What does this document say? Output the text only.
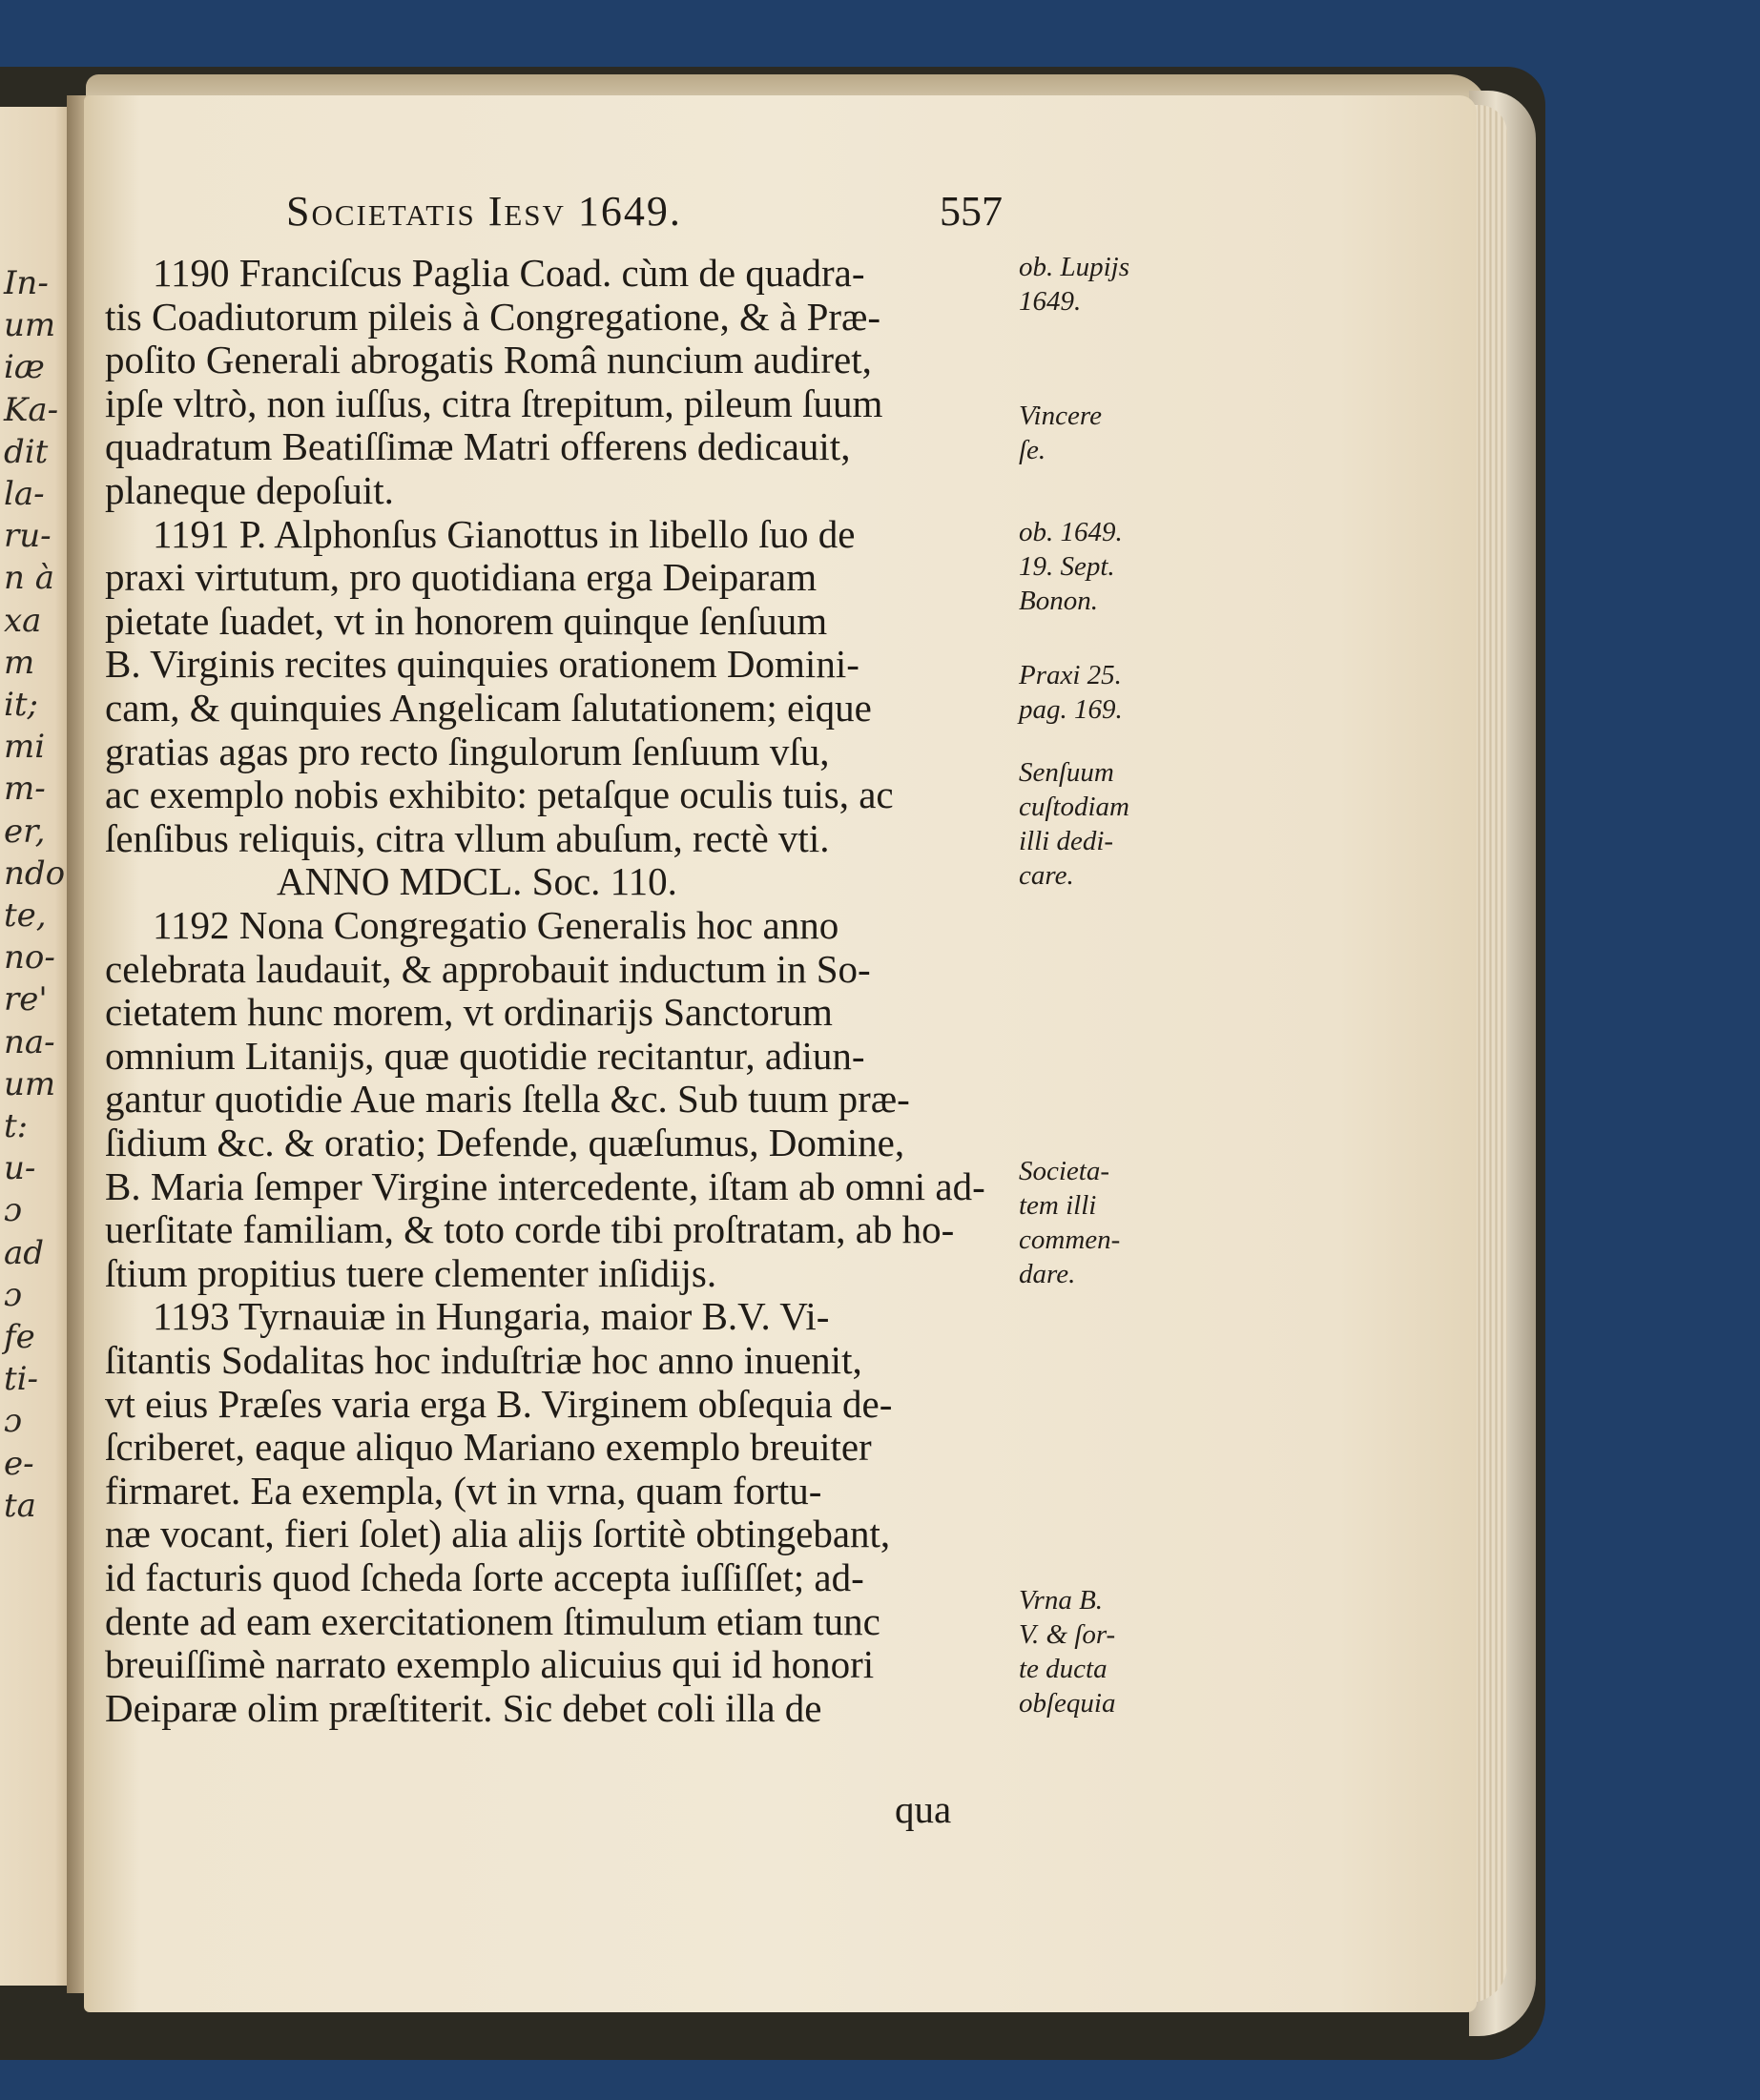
In-
um
iæ
Ka-
dit
la-
ru-
n à
xa
m
it;
mi
m-
er,
ndo
te,
no-
re'
na-
um
t:
u-
ɔ
ad
ɔ
fe
ti-
ɔ
e-
ta
Societatis Iesv 1649.	557
1190 Franciſcus Paglia Coad. cùm de quadra-
tis Coadiutorum pileis à Congregatione, & à Præ-
poſito Generali abrogatis Româ nuncium audiret,
ipſe vltrò, non iuſſus, citra ſtrepitum, pileum ſuum
quadratum Beatiſſimæ Matri offerens dedicauit,
planeque depoſuit.
1191 P. Alphonſus Gianottus in libello ſuo de
praxi virtutum, pro quotidiana erga Deiparam
pietate ſuadet, vt in honorem quinque ſenſuum
B. Virginis recites quinquies orationem Domini-
cam, & quinquies Angelicam ſalutationem; eique
gratias agas pro recto ſingulorum ſenſuum vſu,
ac exemplo nobis exhibito: petaſque oculis tuis, ac
ſenſibus reliquis, citra vllum abuſum, rectè vti.
ANNO MDCL. Soc. 110.
1192 Nona Congregatio Generalis hoc anno
celebrata laudauit, & approbauit inductum in So-
cietatem hunc morem, vt ordinarijs Sanctorum
omnium Litanijs, quæ quotidie recitantur, adiun-
gantur quotidie Aue maris ſtella &c. Sub tuum præ-
ſidium &c. & oratio; Defende, quæſumus, Domine,
B. Maria ſemper Virgine intercedente, iſtam ab omni ad-
uerſitate familiam, & toto corde tibi proſtratam, ab ho-
ſtium propitius tuere clementer inſidijs.
1193 Tyrnauiæ in Hungaria, maior B.V. Vi-
ſitantis Sodalitas hoc induſtriæ hoc anno inuenit,
vt eius Præſes varia erga B. Virginem obſequia de-
ſcriberet, eaque aliquo Mariano exemplo breuiter
firmaret. Ea exempla, (vt in vrna, quam fortu-
næ vocant, fieri ſolet) alia alijs ſortitè obtingebant,
id facturis quod ſcheda ſorte accepta iuſſiſſet; ad-
dente ad eam exercitationem ſtimulum etiam tunc
breuiſſimè narrato exemplo alicuius qui id honori
Deiparæ olim præſtiterit. Sic debet coli illa de
qua
ob. Lupijs
1649.
Vincere
ſe.
ob. 1649.
19. Sept.
Bonon.
Praxi 25.
pag. 169.
Senſuum
cuſtodiam
illi dedi-
care.
Societa-
tem illi
commen-
dare.
Vrna B.
V. & ſor-
te ducta
obſequia
